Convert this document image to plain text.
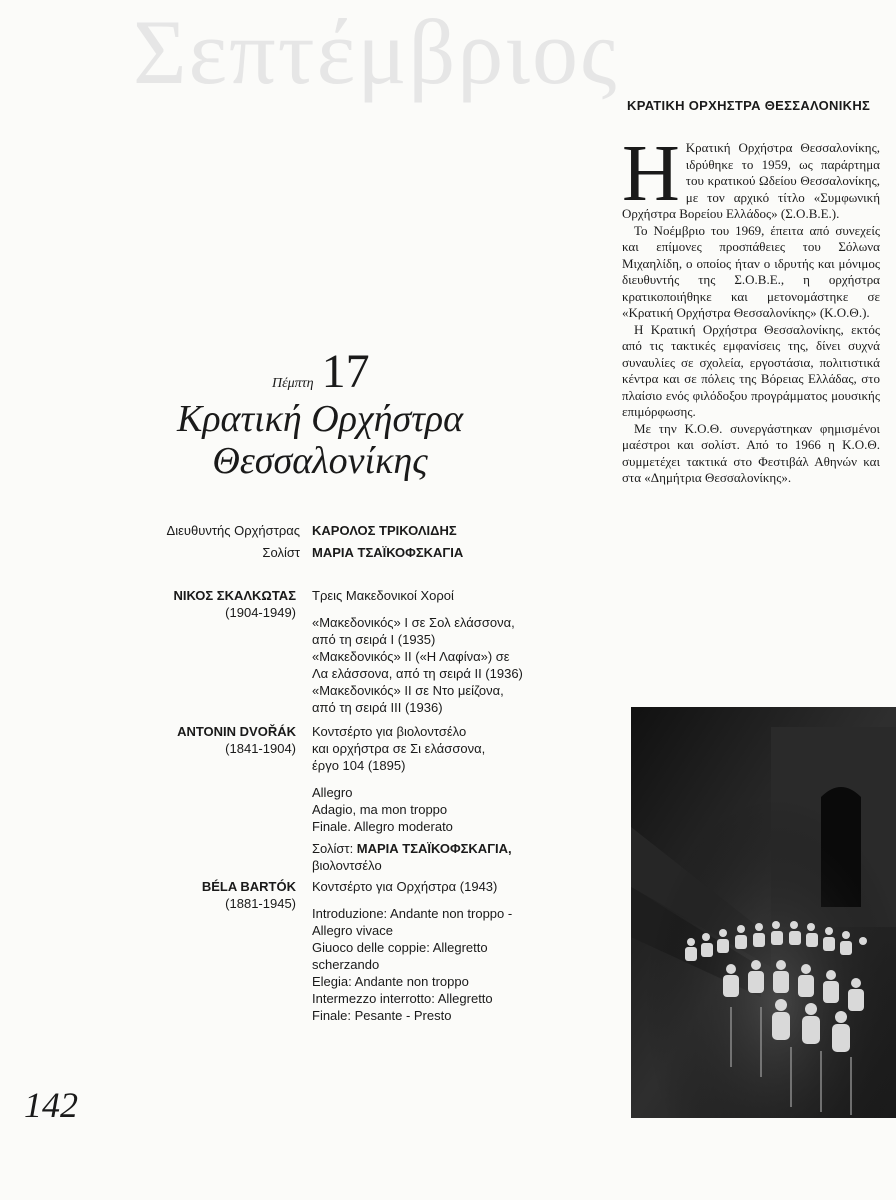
Σεπτέμβριος
ΚΡΑΤΙΚΗ ΟΡΧΗΣΤΡΑ ΘΕΣΣΑΛΟΝΙΚΗΣ

Η Κρατική Ορχήστρα Θεσσαλονίκης, ιδρύθηκε το 1959, ως παράρτημα του κρατικού Ωδείου Θεσσαλονίκης, με τον αρχικό τίτλο «Συμφωνική Ορχήστρα Βορείου Ελλάδος» (Σ.Ο.Β.Ε.).

Το Νοέμβριο του 1969, έπειτα από συνεχείς και επίμονες προσπάθειες του Σόλωνα Μιχαηλίδη, ο οποίος ήταν ο ιδρυτής και μόνιμος διευθυντής της Σ.Ο.Β.Ε., η ορχήστρα κρατικοποιήθηκε και μετονομάστηκε σε «Κρατική Ορχήστρα Θεσσαλονίκης» (Κ.Ο.Θ.).

Η Κρατική Ορχήστρα Θεσσαλονίκης, εκτός από τις τακτικές εμφανίσεις της, δίνει συχνά συναυλίες σε σχολεία, εργοστάσια, πολιτιστικά κέντρα και σε πόλεις της Βόρειας Ελλάδας, στο πλαίσιο ενός φιλόδοξου προγράμματος μουσικής επιμόρφωσης.

Με την Κ.Ο.Θ. συνεργάστηκαν φημισμένοι μαέστροι και σολίστ. Από το 1966 η Κ.Ο.Θ. συμμετέχει τακτικά στο Φεστιβάλ Αθηνών και στα «Δημήτρια Θεσσαλονίκης».

Πέμπτη 17
Κρατική Ορχήστρα
Θεσσαλονίκης
Διευθυντής Ορχήστρας ΚΑΡΟΛΟΣ ΤΡΙΚΟΛΙΔΗΣ
Σολίστ ΜΑΡΙΑ ΤΣΑΪΚΟΦΣΚΑΓΙΑ
ΝΙΚΟΣ ΣΚΑΛΚΩΤΑΣ
(1904-1949)
Τρεις Μακεδονικοί Χοροί
«Μακεδονικός» Ι σε Σολ ελάσσονα,
από τη σειρά Ι (1935)
«Μακεδονικός» ΙΙ («Η Λαφίνα») σε
Λα ελάσσονα, από τη σειρά ΙΙ (1936)
«Μακεδονικός» ΙΙ σε Ντο μείζονα,
από τη σειρά ΙΙΙ (1936)
ANTONIN DVOŘÁK
(1841-1904)
Κοντσέρτο για βιολοντσέλο
και ορχήστρα σε Σι ελάσσονα,
έργο 104 (1895)
Allegro
Adagio, ma mon troppo
Finale. Allegro moderato
Σολίστ: ΜΑΡΙΑ ΤΣΑΪΚΟΦΣΚΑΓΙΑ,
βιολοντσέλο
BÉLA BARTÓK
(1881-1945)
Κοντσέρτο για Ορχήστρα (1943)
Introduzione: Andante non troppo -
Allegro vivace
Giuoco delle coppie: Allegretto
scherzando
Elegia: Andante non troppo
Intermezzo interrotto: Allegretto
Finale: Pesante - Presto
142
